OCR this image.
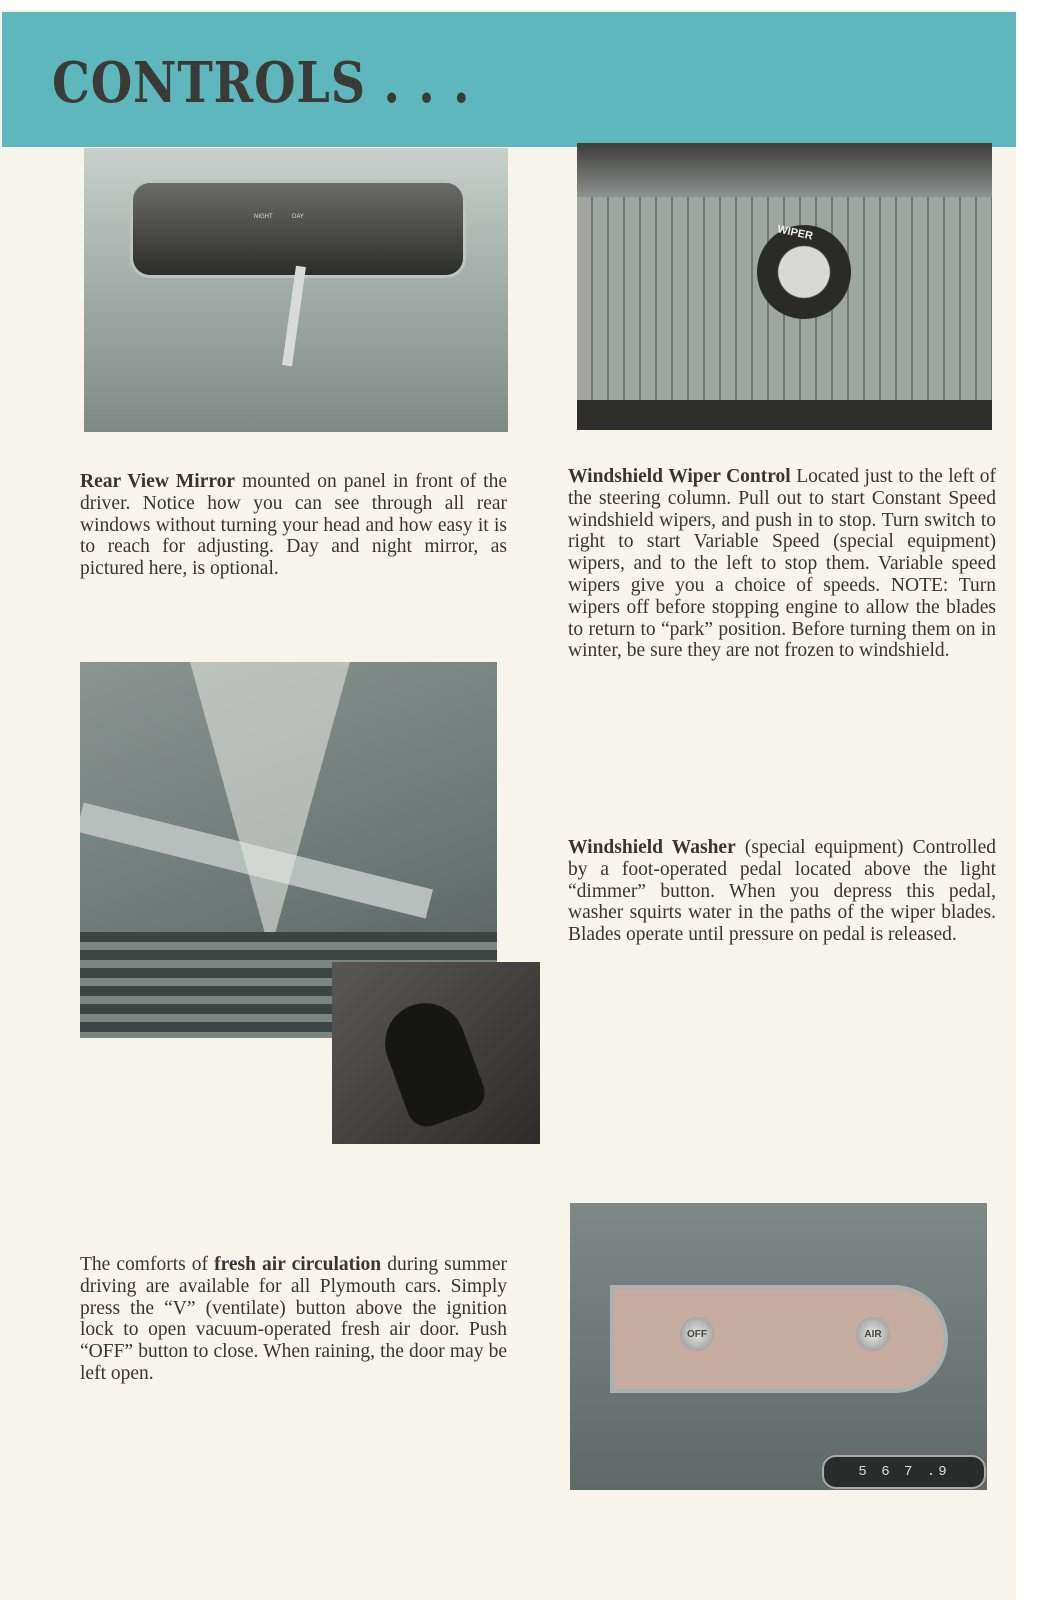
CONTROLS . . .
NIGHT	DAY
WIPER
OFF	AIR
5 6 7 .9
Rear View Mirror mounted on panel in front of the driver. Notice how you can see through all rear windows without turning your head and how easy it is to reach for adjusting. Day and night mirror, as pictured here, is optional.
Windshield Wiper Control Located just to the left of the steering column. Pull out to start Constant Speed windshield wipers, and push in to stop. Turn switch to right to start Variable Speed (special equipment) wipers, and to the left to stop them. Variable speed wipers give you a choice of speeds. NOTE: Turn wipers off before stopping engine to allow the blades to return to “park” position. Before turning them on in winter, be sure they are not frozen to windshield.
Windshield Washer (special equipment) Controlled by a foot-operated pedal located above the light “dimmer” button. When you depress this pedal, washer squirts water in the paths of the wiper blades. Blades operate until pressure on pedal is released.
The comforts of fresh air circulation during summer driving are available for all Plymouth cars. Simply press the “V” (ventilate) button above the ignition lock to open vacuum-operated fresh air door. Push “OFF” button to close. When raining, the door may be left open.
